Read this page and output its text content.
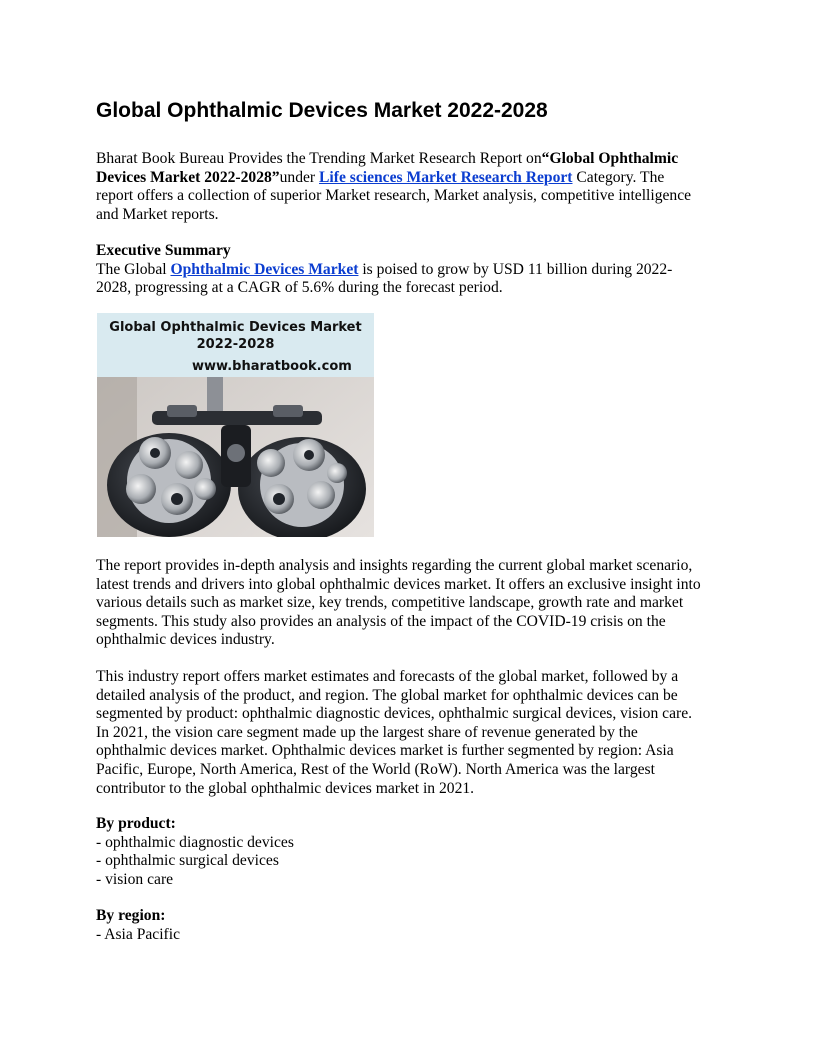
Global Ophthalmic Devices Market 2022-2028

Bharat Book Bureau Provides the Trending Market Research Report on“Global Ophthalmic

Devices Market 2022-2028”under Life sciences Market Research Report Category. The

report offers a collection of superior Market research, Market analysis, competitive intelligence

and Market reports.

Executive Summary

The Global Ophthalmic Devices Market is poised to grow by USD 11 billion during 2022-

2028, progressing at a CAGR of 5.6% during the forecast period.

Global Ophthalmic Devices Market
2022-2028
www.bharatbook.com

The report provides in-depth analysis and insights regarding the current global market scenario,

latest trends and drivers into global ophthalmic devices market. It offers an exclusive insight into

various details such as market size, key trends, competitive landscape, growth rate and market

segments. This study also provides an analysis of the impact of the COVID-19 crisis on the

ophthalmic devices industry.

This industry report offers market estimates and forecasts of the global market, followed by a

detailed analysis of the product, and region. The global market for ophthalmic devices can be

segmented by product: ophthalmic diagnostic devices, ophthalmic surgical devices, vision care.

In 2021, the vision care segment made up the largest share of revenue generated by the

ophthalmic devices market. Ophthalmic devices market is further segmented by region: Asia

Pacific, Europe, North America, Rest of the World (RoW). North America was the largest

contributor to the global ophthalmic devices market in 2021.

By product:

- ophthalmic diagnostic devices

- ophthalmic surgical devices

- vision care

By region:

- Asia Pacific
